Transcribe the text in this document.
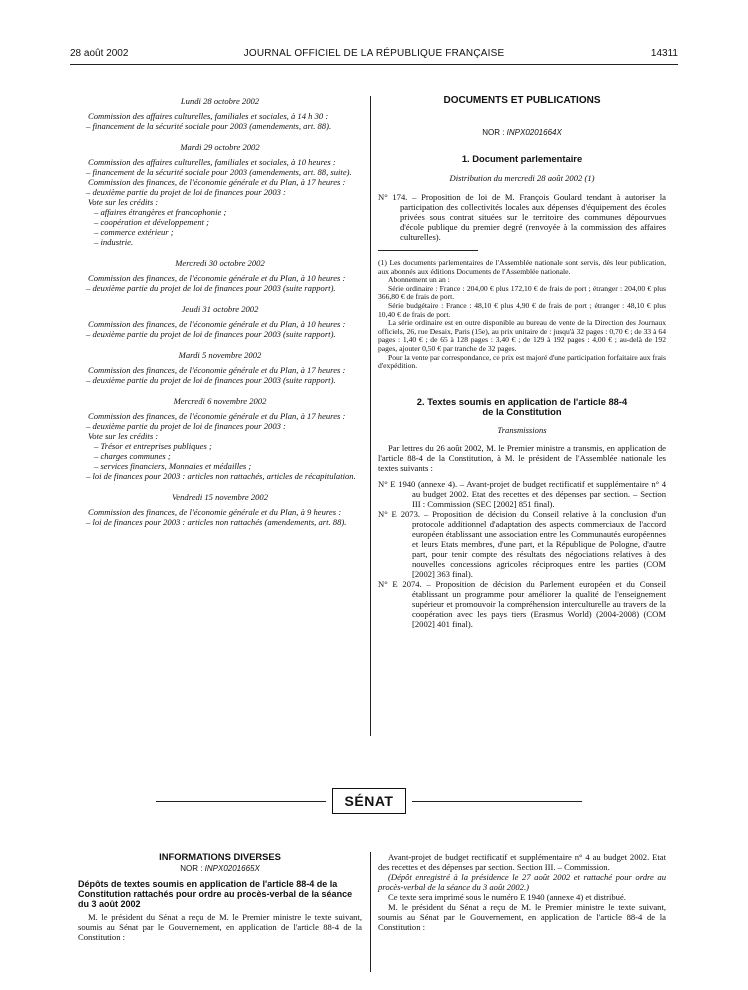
28 août 2002	JOURNAL OFFICIEL DE LA RÉPUBLIQUE FRANÇAISE	14311

Lundi 28 octobre 2002

Commission des affaires culturelles, familiales et sociales, à 14 h 30 :

– financement de la sécurité sociale pour 2003 (amendements, art. 88).

Mardi 29 octobre 2002

Commission des affaires culturelles, familiales et sociales, à 10 heures :

– financement de la sécurité sociale pour 2003 (amendements, art. 88, suite).

Commission des finances, de l'économie générale et du Plan, à 17 heures :

– deuxième partie du projet de loi de finances pour 2003 :

Vote sur les crédits :

– affaires étrangères et francophonie ;

– coopération et développement ;

– commerce extérieur ;

– industrie.

Mercredi 30 octobre 2002

Commission des finances, de l'économie générale et du Plan, à 10 heures :

– deuxième partie du projet de loi de finances pour 2003 (suite rapport).

Jeudi 31 octobre 2002

Commission des finances, de l'économie générale et du Plan, à 10 heures :

– deuxième partie du projet de loi de finances pour 2003 (suite rapport).

Mardi 5 novembre 2002

Commission des finances, de l'économie générale et du Plan, à 17 heures :

– deuxième partie du projet de loi de finances pour 2003 (suite rapport).

Mercredi 6 novembre 2002

Commission des finances, de l'économie générale et du Plan, à 17 heures :

– deuxième partie du projet de loi de finances pour 2003 :

Vote sur les crédits :

– Trésor et entreprises publiques ;

– charges communes ;

– services financiers, Monnaies et médailles ;

– loi de finances pour 2003 : articles non rattachés, articles de récapitulation.

Vendredi 15 novembre 2002

Commission des finances, de l'économie générale et du Plan, à 9 heures :

– loi de finances pour 2003 : articles non rattachés (amendements, art. 88).

DOCUMENTS ET PUBLICATIONS

NOR : INPX0201664X

1. Document parlementaire

Distribution du mercredi 28 août 2002 (1)

N° 174. – Proposition de loi de M. François Goulard tendant à autoriser la participation des collectivités locales aux dépenses d'équipement des écoles privées sous contrat situées sur le territoire des communes dépourvues d'école publique du premier degré (renvoyée à la commission des affaires culturelles).

(1) Les documents parlementaires de l'Assemblée nationale sont servis, dès leur publication, aux abonnés aux éditions Documents de l'Assemblée nationale.

Abonnement un an :

Série ordinaire : France : 204,00 € plus 172,10 € de frais de port ; étranger : 204,00 € plus 366,80 € de frais de port.

Série budgétaire : France : 48,10 € plus 4,90 € de frais de port ; étranger : 48,10 € plus 10,40 € de frais de port.

La série ordinaire est en outre disponible au bureau de vente de la Direction des Journaux officiels, 26, rue Desaix, Paris (15e), au prix unitaire de : jusqu'à 32 pages : 0,70 € ; de 33 à 64 pages : 1,40 € ; de 65 à 128 pages : 3,40 € ; de 129 à 192 pages : 4,00 € ; au-delà de 192 pages, ajouter 0,50 € par tranche de 32 pages.

Pour la vente par correspondance, ce prix est majoré d'une participation forfaitaire aux frais d'expédition.

2. Textes soumis en application de l'article 88-4
de la Constitution

Transmissions

Par lettres du 26 août 2002, M. le Premier ministre a transmis, en application de l'article 88-4 de la Constitution, à M. le président de l'Assemblée nationale les textes suivants :

N° E 1940 (annexe 4). – Avant-projet de budget rectificatif et supplémentaire n° 4 au budget 2002. Etat des recettes et des dépenses par section. – Section III : Commission (SEC [2002] 851 final).

N° E 2073. – Proposition de décision du Conseil relative à la conclusion d'un protocole additionnel d'adaptation des aspects commerciaux de l'accord européen établissant une association entre les Communautés européennes et leurs Etats membres, d'une part, et la République de Pologne, d'autre part, pour tenir compte des résultats des négociations relatives à des nouvelles concessions agricoles réciproques entre les parties (COM [2002] 363 final).

N° E 2074. – Proposition de décision du Parlement européen et du Conseil établissant un programme pour améliorer la qualité de l'enseignement supérieur et promouvoir la compréhension interculturelle au travers de la coopération avec les pays tiers (Erasmus World) (2004-2008) (COM [2002] 401 final).

SÉNAT

INFORMATIONS DIVERSES

NOR : INPX0201665X

Dépôts de textes soumis en application de l'article 88-4 de la Constitution rattachés pour ordre au procès-verbal de la séance du 3 août 2002

M. le président du Sénat a reçu de M. le Premier ministre le texte suivant, soumis au Sénat par le Gouvernement, en application de l'article 88-4 de la Constitution :

Avant-projet de budget rectificatif et supplémentaire n° 4 au budget 2002. Etat des recettes et des dépenses par section. Section III. – Commission.

(Dépôt enregistré à la présidence le 27 août 2002 et rattaché pour ordre au procès-verbal de la séance du 3 août 2002.)

Ce texte sera imprimé sous le numéro E 1940 (annexe 4) et distribué.

M. le président du Sénat a reçu de M. le Premier ministre le texte suivant, soumis au Sénat par le Gouvernement, en application de l'article 88-4 de la Constitution :
